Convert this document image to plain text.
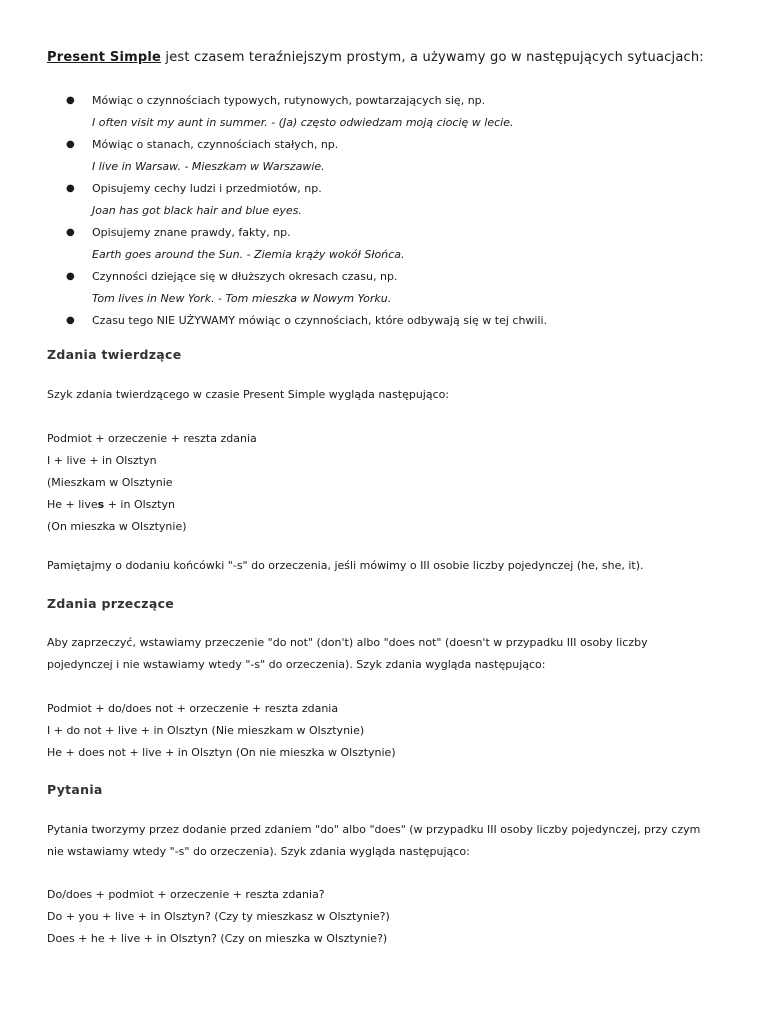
Present Simple jest czasem teraźniejszym prostym, a używamy go w następujących sytuacjach:
●	Mówiąc o czynnościach typowych, rutynowych, powtarzających się, np.
I often visit my aunt in summer. - (Ja) często odwiedzam moją ciocię w lecie.
●	Mówiąc o stanach, czynnościach stałych, np.
I live in Warsaw. - Mieszkam w Warszawie.
●	Opisujemy cechy ludzi i przedmiotów, np.
Joan has got black hair and blue eyes.
●	Opisujemy znane prawdy, fakty, np.
Earth goes around the Sun. - Ziemia krąży wokół Słońca.
●	Czynności dziejące się w dłuższych okresach czasu, np.
Tom lives in New York. - Tom mieszka w Nowym Yorku.
●	Czasu tego NIE UŻYWAMY mówiąc o czynnościach, które odbywają się w tej chwili.
Zdania twierdzące
Szyk zdania twierdzącego w czasie Present Simple wygląda następująco:
Podmiot + orzeczenie + reszta zdania
I + live + in Olsztyn
(Mieszkam w Olsztynie
He + lives + in Olsztyn
(On mieszka w Olsztynie)
Pamiętajmy o dodaniu końcówki "-s" do orzeczenia, jeśli mówimy o III osobie liczby pojedynczej (he, she, it).
Zdania przeczące
Aby zaprzeczyć, wstawiamy przeczenie "do not" (don't) albo "does not" (doesn't w przypadku III osoby liczby
pojedynczej i nie wstawiamy wtedy "-s" do orzeczenia). Szyk zdania wygląda następująco:
Podmiot + do/does not + orzeczenie + reszta zdania
I + do not + live + in Olsztyn (Nie mieszkam w Olsztynie)
He + does not + live + in Olsztyn (On nie mieszka w Olsztynie)
Pytania
Pytania tworzymy przez dodanie przed zdaniem "do" albo "does" (w przypadku III osoby liczby pojedynczej, przy czym
nie wstawiamy wtedy "-s" do orzeczenia). Szyk zdania wygląda następująco:
Do/does + podmiot + orzeczenie + reszta zdania?
Do + you + live + in Olsztyn? (Czy ty mieszkasz w Olsztynie?)
Does + he + live + in Olsztyn? (Czy on mieszka w Olsztynie?)
